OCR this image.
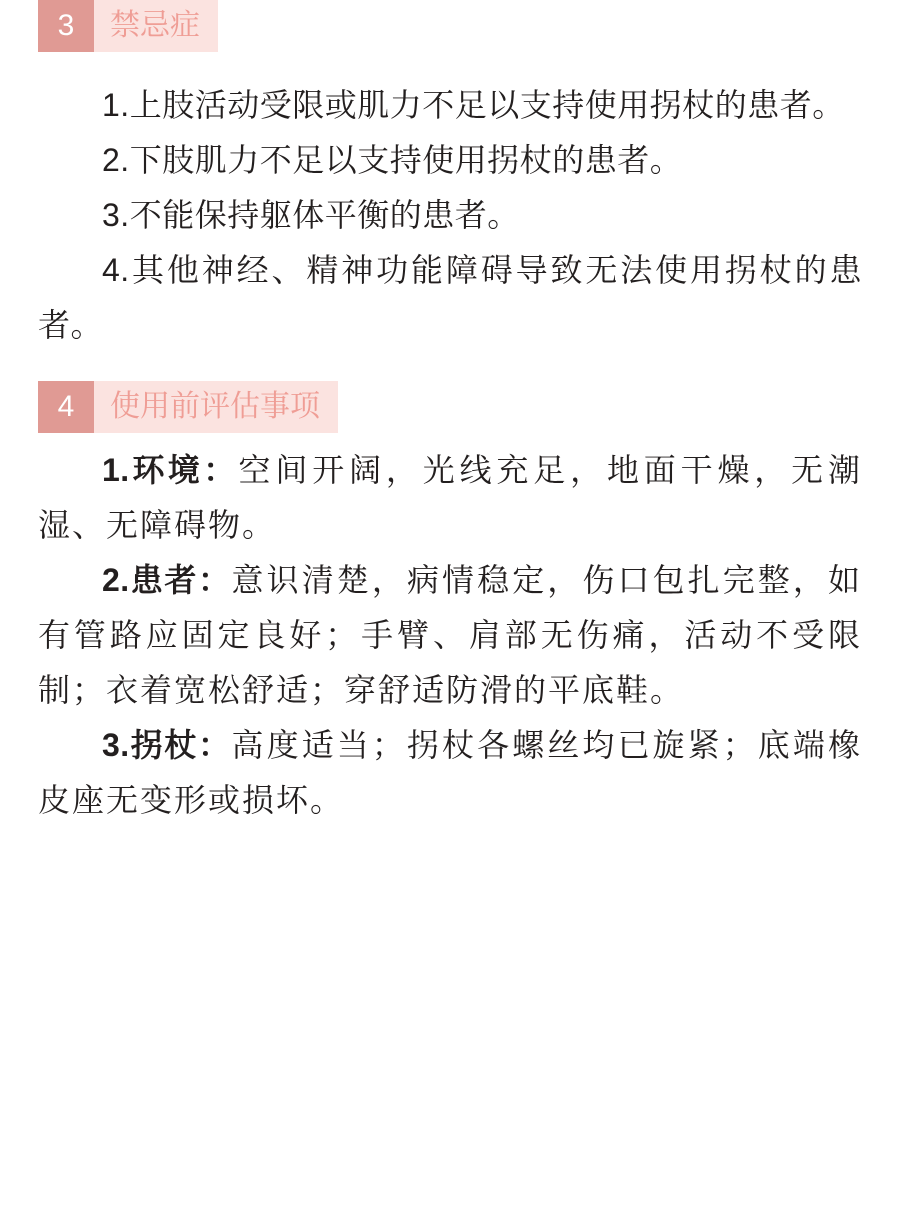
3	禁忌症

1.上肢活动受限或肌力不足以支持使用拐杖的患者。

2.下肢肌力不足以支持使用拐杖的患者。

3.不能保持躯体平衡的患者。

4.其他神经、精神功能障碍导致无法使用拐杖的患者。

4	使用前评估事项

1.环境：空间开阔，光线充足，地面干燥，无潮湿、无障碍物。

2.患者：意识清楚，病情稳定，伤口包扎完整，如有管路应固定良好；手臂、肩部无伤痛，活动不受限制；衣着宽松舒适；穿舒适防滑的平底鞋。

3.拐杖：高度适当；拐杖各螺丝均已旋紧；底端橡皮座无变形或损坏。
